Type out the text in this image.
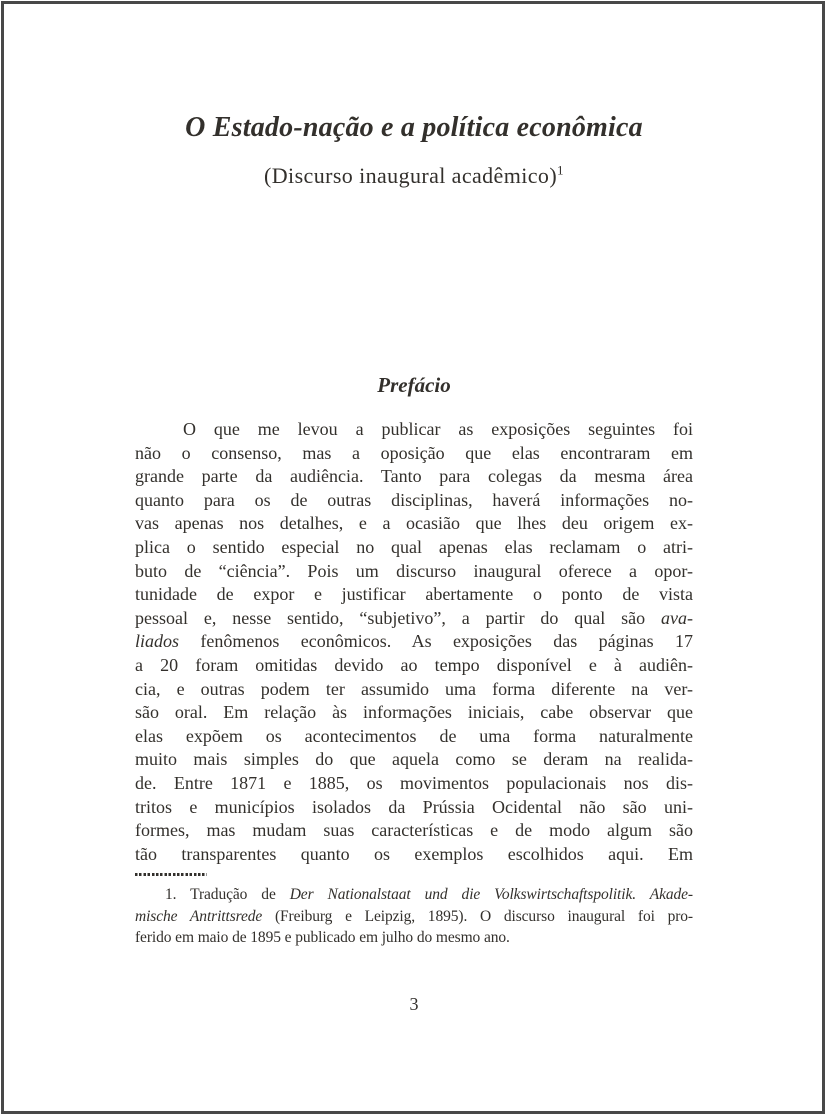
O Estado-nação e a política econômica
(Discurso inaugural acadêmico)$^1$
Prefácio
O que me levou a publicar as exposições seguintes foi
não o consenso, mas a oposição que elas encontraram em
grande parte da audiência. Tanto para colegas da mesma área
quanto para os de outras disciplinas, haverá informações no-
vas apenas nos detalhes, e a ocasião que lhes deu origem ex-
plica o sentido especial no qual apenas elas reclamam o atri-
buto de “ciência”. Pois um discurso inaugural oferece a opor-
tunidade de expor e justificar abertamente o ponto de vista
pessoal e, nesse sentido, “subjetivo”, a partir do qual são ava-
liados fenômenos econômicos. As exposições das páginas 17
a 20 foram omitidas devido ao tempo disponível e à audiên-
cia, e outras podem ter assumido uma forma diferente na ver-
são oral. Em relação às informações iniciais, cabe observar que
elas expõem os acontecimentos de uma forma naturalmente
muito mais simples do que aquela como se deram na realida-
de. Entre 1871 e 1885, os movimentos populacionais nos dis-
tritos e municípios isolados da Prússia Ocidental não são uni-
formes, mas mudam suas características e de modo algum são
tão transparentes quanto os exemplos escolhidos aqui. Em
1. Tradução de Der Nationalstaat und die Volkswirtschaftspolitik. Akade-
mische Antrittsrede (Freiburg e Leipzig, 1895). O discurso inaugural foi pro-
ferido em maio de 1895 e publicado em julho do mesmo ano.
3
